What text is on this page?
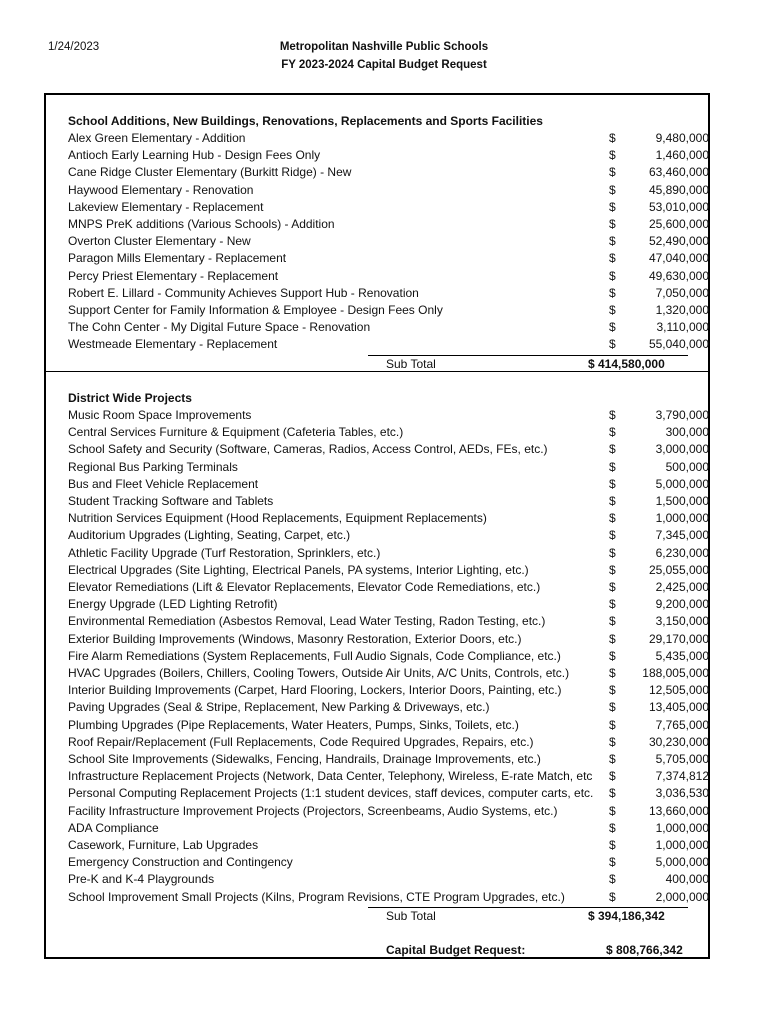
1/24/2023	Metropolitan Nashville Public Schools
FY 2023-2024 Capital Budget Request
School Additions, New Buildings, Renovations, Replacements and Sports Facilities
Alex Green Elementary - Addition	$	9,480,000
Antioch Early Learning Hub - Design Fees Only	$	1,460,000
Cane Ridge Cluster Elementary (Burkitt Ridge) - New	$	63,460,000
Haywood Elementary - Renovation	$	45,890,000
Lakeview Elementary - Replacement	$	53,010,000
MNPS PreK additions (Various Schools) - Addition	$	25,600,000
Overton Cluster Elementary - New	$	52,490,000
Paragon Mills Elementary - Replacement	$	47,040,000
Percy Priest Elementary - Replacement	$	49,630,000
Robert E. Lillard - Community Achieves Support Hub - Renovation	$	7,050,000
Support Center for Family Information & Employee - Design Fees Only	$	1,320,000
The Cohn Center - My Digital Future Space - Renovation	$	3,110,000
Westmeade Elementary - Replacement	$	55,040,000
Sub Total	$ 414,580,000
District Wide Projects
Music Room Space Improvements	$	3,790,000
Central Services Furniture & Equipment (Cafeteria Tables, etc.)	$	300,000
School Safety and Security (Software, Cameras, Radios, Access Control, AEDs, FEs, etc.)	$	3,000,000
Regional Bus Parking Terminals	$	500,000
Bus and Fleet Vehicle Replacement	$	5,000,000
Student Tracking Software and Tablets	$	1,500,000
Nutrition Services Equipment (Hood Replacements, Equipment Replacements)	$	1,000,000
Auditorium Upgrades (Lighting, Seating, Carpet, etc.)	$	7,345,000
Athletic Facility Upgrade (Turf Restoration, Sprinklers, etc.)	$	6,230,000
Electrical Upgrades (Site Lighting, Electrical Panels, PA systems, Interior Lighting, etc.)	$	25,055,000
Elevator Remediations (Lift & Elevator Replacements, Elevator Code Remediations, etc.)	$	2,425,000
Energy Upgrade (LED Lighting Retrofit)	$	9,200,000
Environmental Remediation (Asbestos Removal, Lead Water Testing, Radon Testing, etc.)	$	3,150,000
Exterior Building Improvements (Windows, Masonry Restoration, Exterior Doors, etc.)	$	29,170,000
Fire Alarm Remediations (System Replacements, Full Audio Signals, Code Compliance, etc.)	$	5,435,000
HVAC Upgrades (Boilers, Chillers, Cooling Towers, Outside Air Units, A/C Units, Controls, etc.)	$	188,005,000
Interior Building Improvements (Carpet, Hard Flooring, Lockers, Interior Doors, Painting, etc.)	$	12,505,000
Paving Upgrades (Seal & Stripe, Replacement, New Parking & Driveways, etc.)	$	13,405,000
Plumbing Upgrades (Pipe Replacements, Water Heaters, Pumps, Sinks, Toilets, etc.)	$	7,765,000
Roof Repair/Replacement (Full Replacements, Code Required Upgrades, Repairs, etc.)	$	30,230,000
School Site Improvements (Sidewalks, Fencing, Handrails, Drainage Improvements, etc.)	$	5,705,000
Infrastructure Replacement Projects (Network, Data Center, Telephony, Wireless, E-rate Match, etc $	7,374,812
Personal Computing Replacement Projects (1:1 student devices, staff devices, computer carts, etc. $	3,036,530
Facility Infrastructure Improvement Projects (Projectors, Screenbeams, Audio Systems, etc.)	$	13,660,000
ADA Compliance	$	1,000,000
Casework, Furniture, Lab Upgrades	$	1,000,000
Emergency Construction and Contingency	$	5,000,000
Pre-K and K-4 Playgrounds	$	400,000
School Improvement Small Projects (Kilns, Program Revisions, CTE Program Upgrades, etc.)	$	2,000,000
Sub Total	$ 394,186,342
Capital Budget Request:	$ 808,766,342
